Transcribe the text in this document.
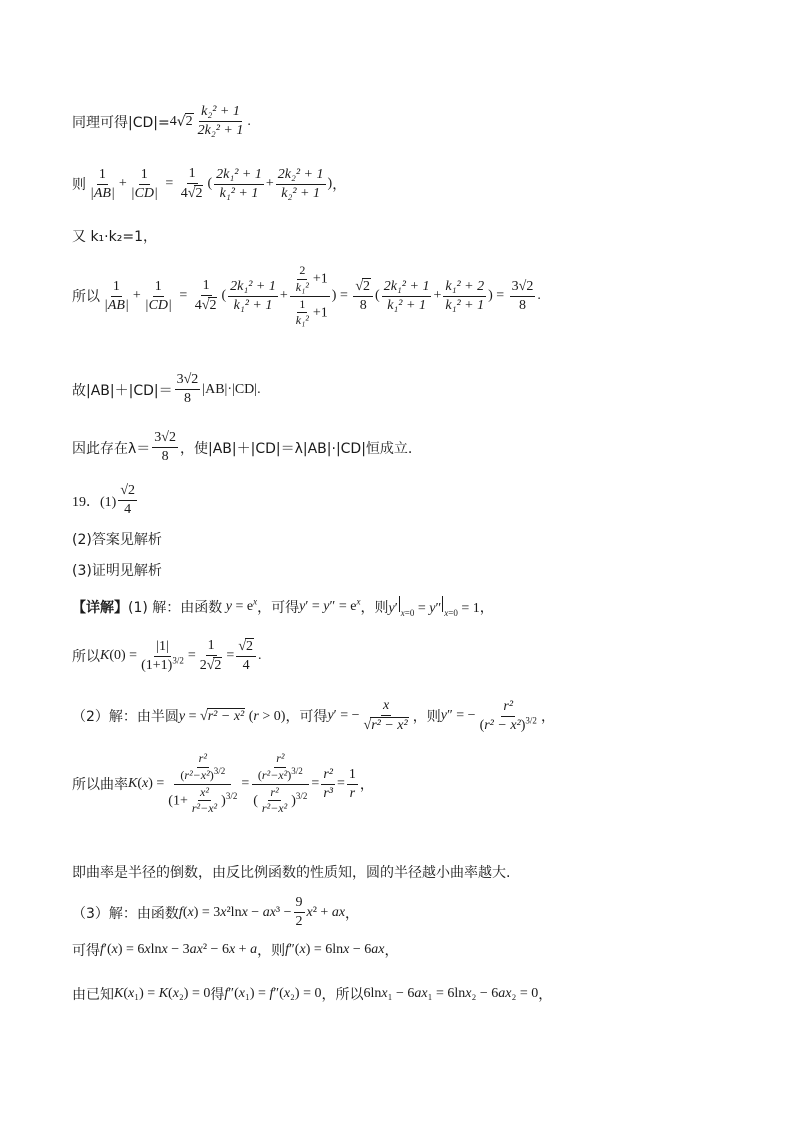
同理可得|CD|= 4 √ $2 \frac{\text{k₂² + 1}}{\text{2k₂² + 1}}$ .
则 $\frac{1}{|AB|} + \frac{1}{|CD|} = \frac{1}{4√2}$ ( $\frac{\text{2k₁² + 1}}{\text{k₁² + 1}} + \frac{\text{2k₂² + 1}}{\text{k₂² + 1}}$ ) ，
又 k₁·k₂=1，
所以 $\frac{1}{|AB|} + \frac{1}{|CD|} = \frac{1}{4√2}$ ( $\frac{\text{2k₁² + 1}}{\text{k₁² + 1}} + \frac{\frac{2}{\text{k₁²}} +1}{\frac{1}{\text{k₁²}} +1}$ ) = $\frac{√2}{8}$ ( $\frac{\text{2k₁² + 1}}{\text{k₁² + 1}} + \frac{\text{k₁² + 2}}{\text{k₁² + 1}}$ ) = $\frac{3√2}{8}$ .
故$|AB|+|CD|= \frac{3√2}{8} |AB|\cdot|CD|$.
因此存在$\lambda= \frac{3√2}{8}$ ，使|AB|＋|CD|＝λ|AB|·|CD|恒成立.
19．$(1) \frac{√2}{4}$
(2)答案见解析
(3)证明见解析
【详解】 (1) 解：由函数 $y = e^x$ ，可得 $y' = y'' = e^x$ ，则 y′ $_{x=0}$ = y″ $_{x=0}$ = 1 ，
所以 $K(0) = \frac{|1|}{(1+1)^{3/2}} = \frac{1}{2√2} = \frac{√2}{4}$ .
（2）解：由半圆 y = √r² − x² (r > 0) ，可得 y′ = − $\frac{x}{\text{√r² − x²}}$ ，则 y″ = − $\frac{\text{r²}}{(r^2 - x^2)^{3/2}}$ ，
所以曲率 $K(x) = \frac{\frac{\text{r²}}{(r^2-x^2)^{3/2}}}{(1+ \frac{\text{x²}}{\text{r²−x²}} )^{3/2}} = \frac{\frac{\text{r²}}{(r^2-x^2)^{3/2}}}{( \frac{\text{r²}}{\text{r²−x²}} )^{3/2}} = \frac{\text{r²}}{\text{r³}} = \frac{1}{r}$ ，
即曲率是半径的倒数，由反比例函数的性质知，圆的半径越小曲率越大.
（3）解：由函数 $f(x) = 3x^2\ln x - ax^3 - \frac{9}{2} x^2$ + ax ，
可得 f′(x) = 6xlnx − 3ax² − 6x + a ，则 f″(x) = 6lnx − 6ax ，
由已知 K(x₁) = K(x₂) = 0 得 f″(x₁) = f″(x₂) = 0 ，所以 6lnx₁ − 6ax₁ = 6lnx₂ − 6ax₂ = 0 ，
